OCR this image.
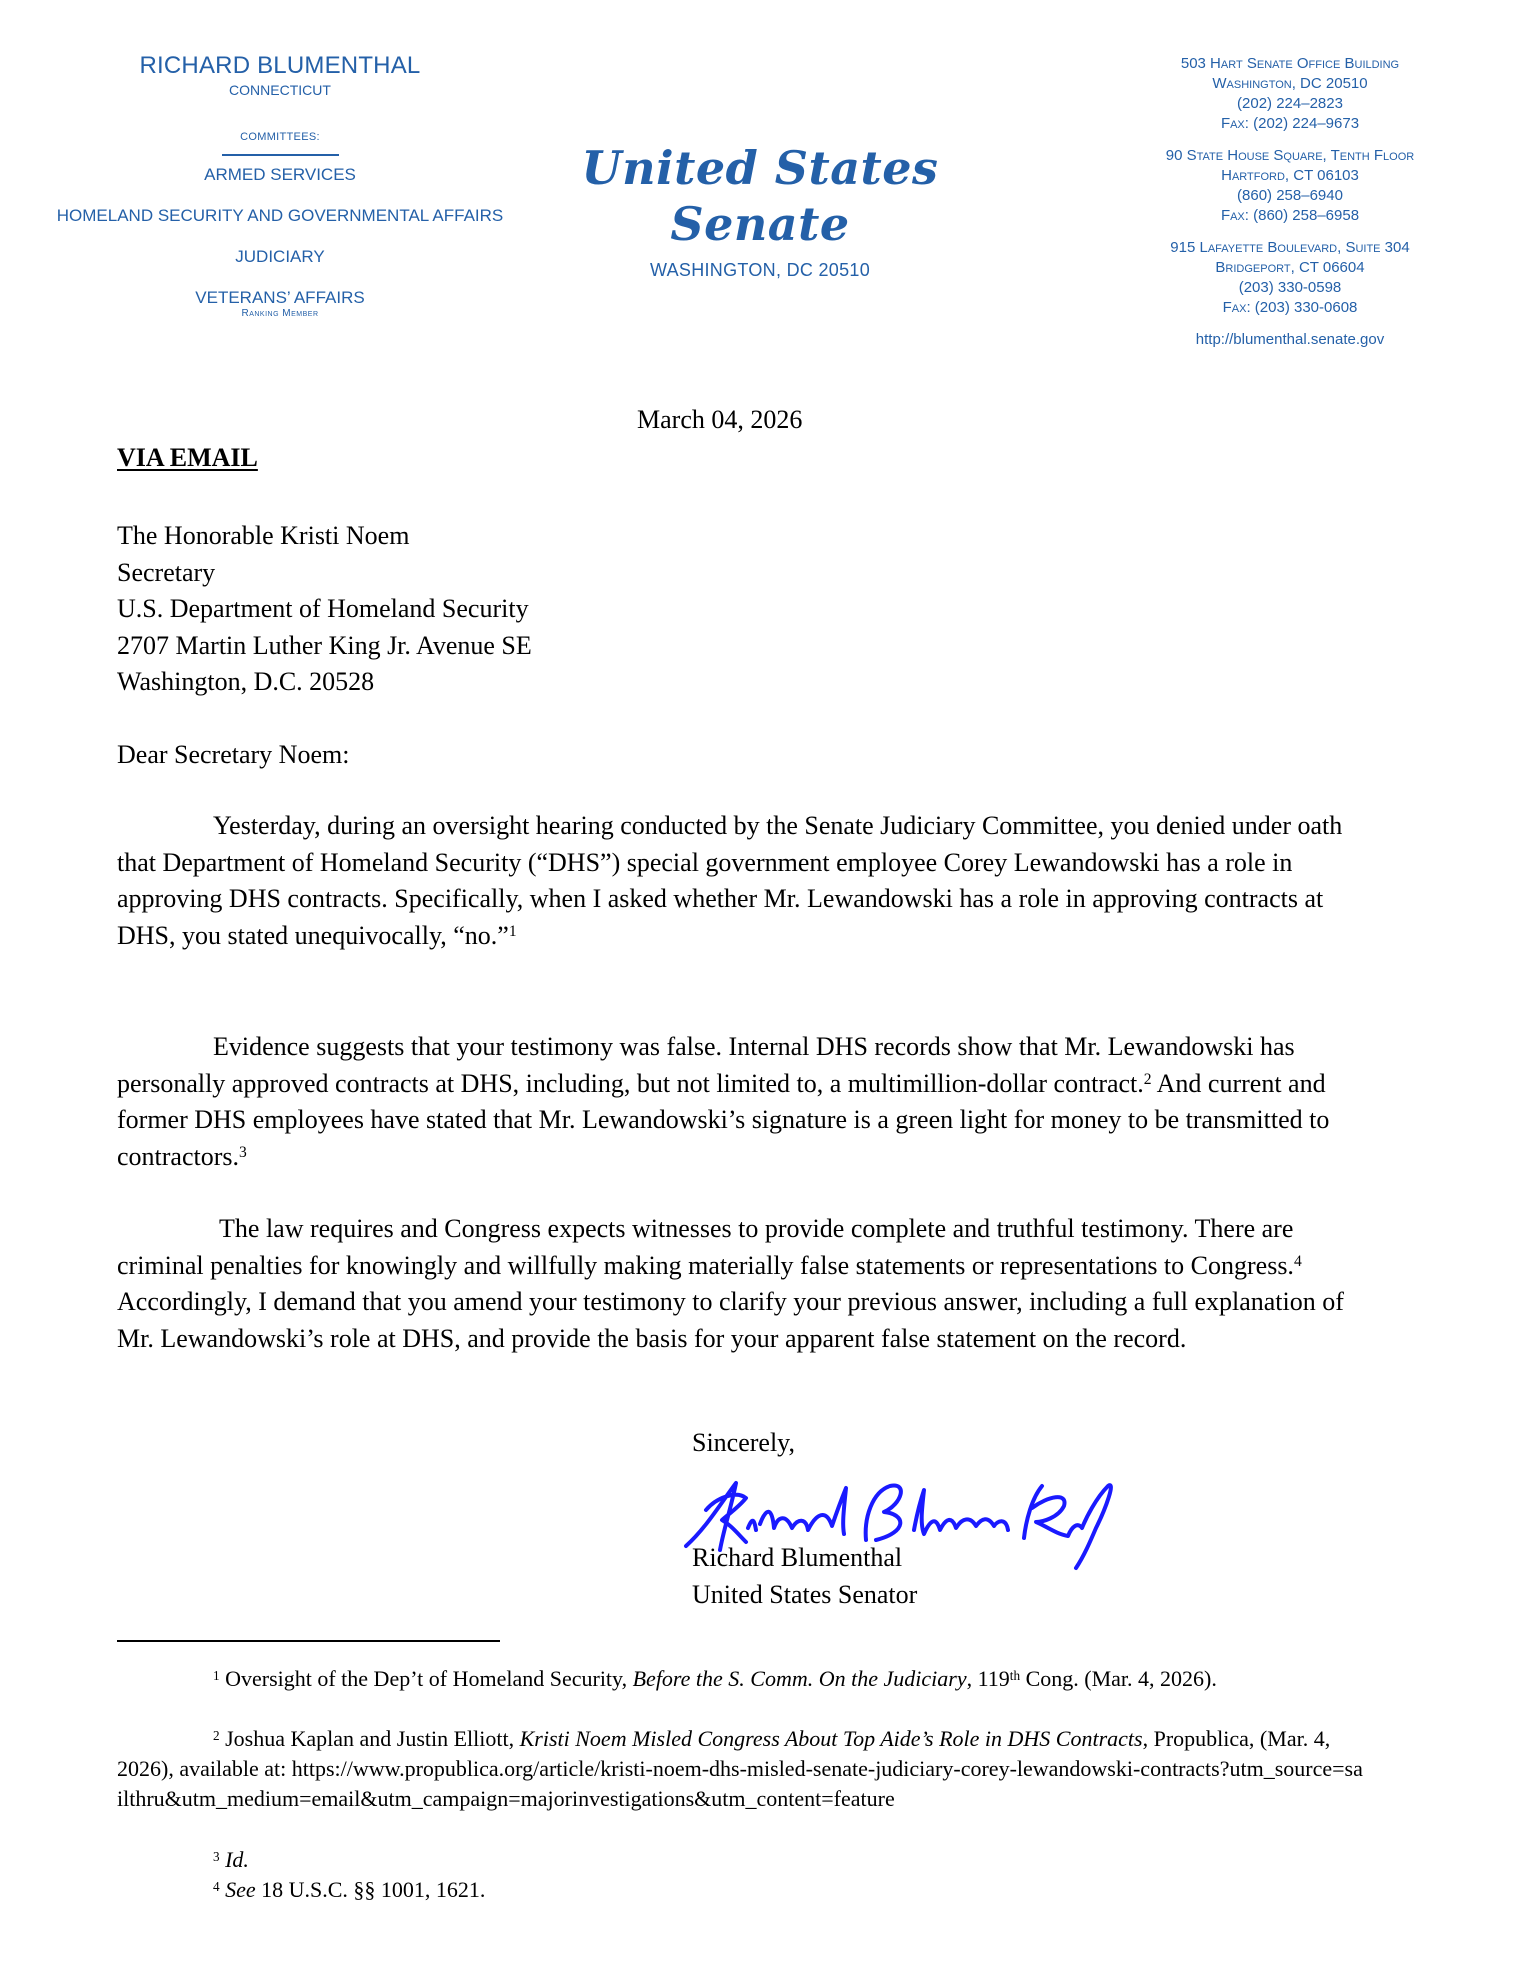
RICHARD BLUMENTHAL
CONNECTICUT
COMMITTEES:
ARMED SERVICES
HOMELAND SECURITY AND GOVERNMENTAL AFFAIRS
JUDICIARY
VETERANS’ AFFAIRS
Ranking Member
United States Senate
WASHINGTON, DC 20510
503 Hart Senate Office Building
Washington, DC 20510
(202) 224–2823
Fax: (202) 224–9673
90 State House Square, Tenth Floor
Hartford, CT 06103
(860) 258–6940
Fax: (860) 258–6958
915 Lafayette Boulevard, Suite 304
Bridgeport, CT 06604
(203) 330-0598
Fax: (203) 330-0608
http://blumenthal.senate.gov
March 04, 2026
VIA EMAIL
The Honorable Kristi Noem
Secretary
U.S. Department of Homeland Security
2707 Martin Luther King Jr. Avenue SE
Washington, D.C. 20528
Dear Secretary Noem:
Yesterday, during an oversight hearing conducted by the Senate Judiciary Committee, you denied under oath that Department of Homeland Security (“DHS”) special government employee Corey Lewandowski has a role in approving DHS contracts. Specifically, when I asked whether Mr. Lewandowski has a role in approving contracts at DHS, you stated unequivocally, “no.”$^1$
Evidence suggests that your testimony was false. Internal DHS records show that Mr. Lewandowski has personally approved contracts at DHS, including, but not limited to, a multimillion-dollar contract.$^2$ And current and former DHS employees have stated that Mr. Lewandowski’s signature is a green light for money to be transmitted to contractors.$^3$
The law requires and Congress expects witnesses to provide complete and truthful testimony. There are criminal penalties for knowingly and willfully making materially false statements or representations to Congress.$^4$ Accordingly, I demand that you amend your testimony to clarify your previous answer, including a full explanation of Mr. Lewandowski’s role at DHS, and provide the basis for your apparent false statement on the record.
Sincerely,
Richard Blumenthal
United States Senator
$^1$ Oversight of the Dep’t of Homeland Security, Before the S. Comm. On the Judiciary, 119th Cong. (Mar. 4, 2026).
$^2$ Joshua Kaplan and Justin Elliott, Kristi Noem Misled Congress About Top Aide’s Role in DHS Contracts, Propublica, (Mar. 4, 2026), available at: https://www.propublica.org/article/kristi-noem-dhs-misled-senate-judiciary-corey-lewandowski-contracts?utm_source=sailthru&utm_medium=email&utm_campaign=majorinvestigations&utm_content=feature
$^3$ Id.
$^4$ See 18 U.S.C. §§ 1001, 1621.
